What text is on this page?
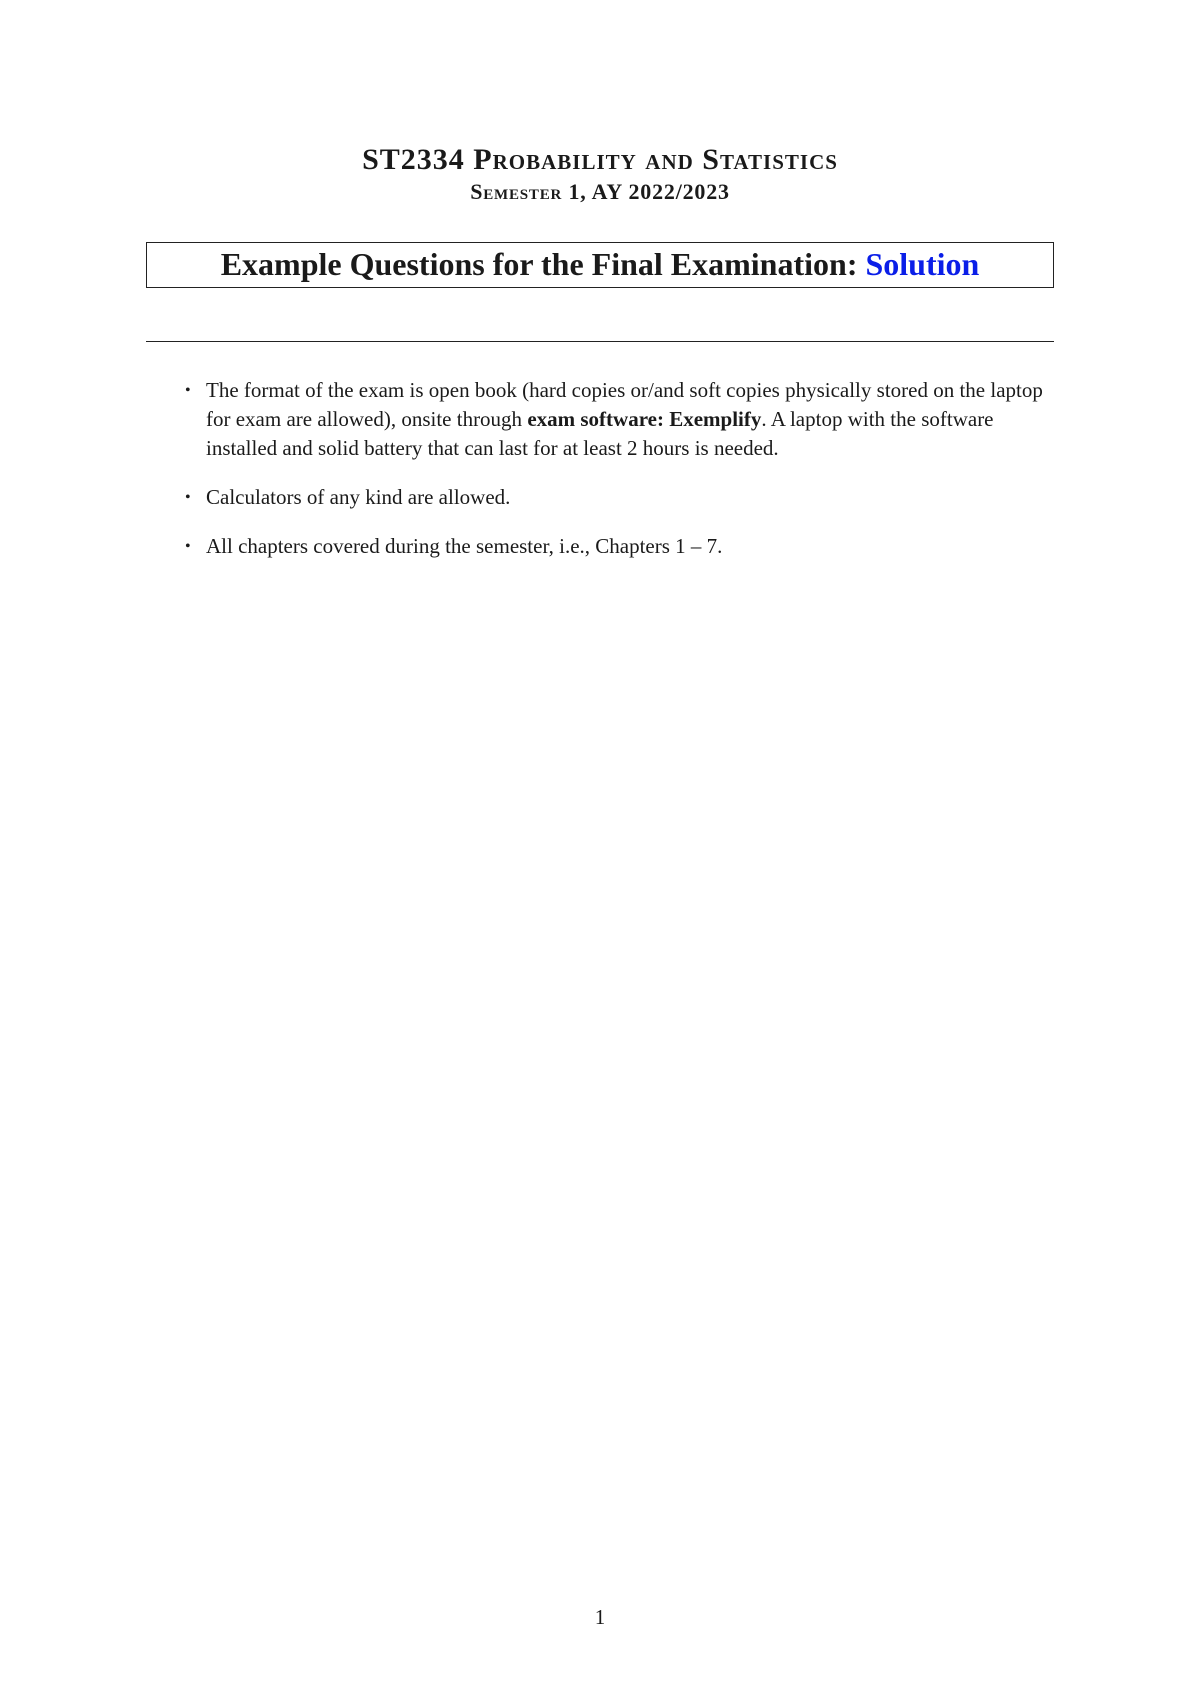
ST2334 Probability and Statistics
Semester 1, AY 2022/2023
Example Questions for the Final Examination: Solution
• The format of the exam is open book (hard copies or/and soft copies physically stored on the laptop for exam are allowed), onsite through exam software: Exemplify. A laptop with the software installed and solid battery that can last for at least 2 hours is needed.
• Calculators of any kind are allowed.
• All chapters covered during the semester, i.e., Chapters 1 – 7.
1
